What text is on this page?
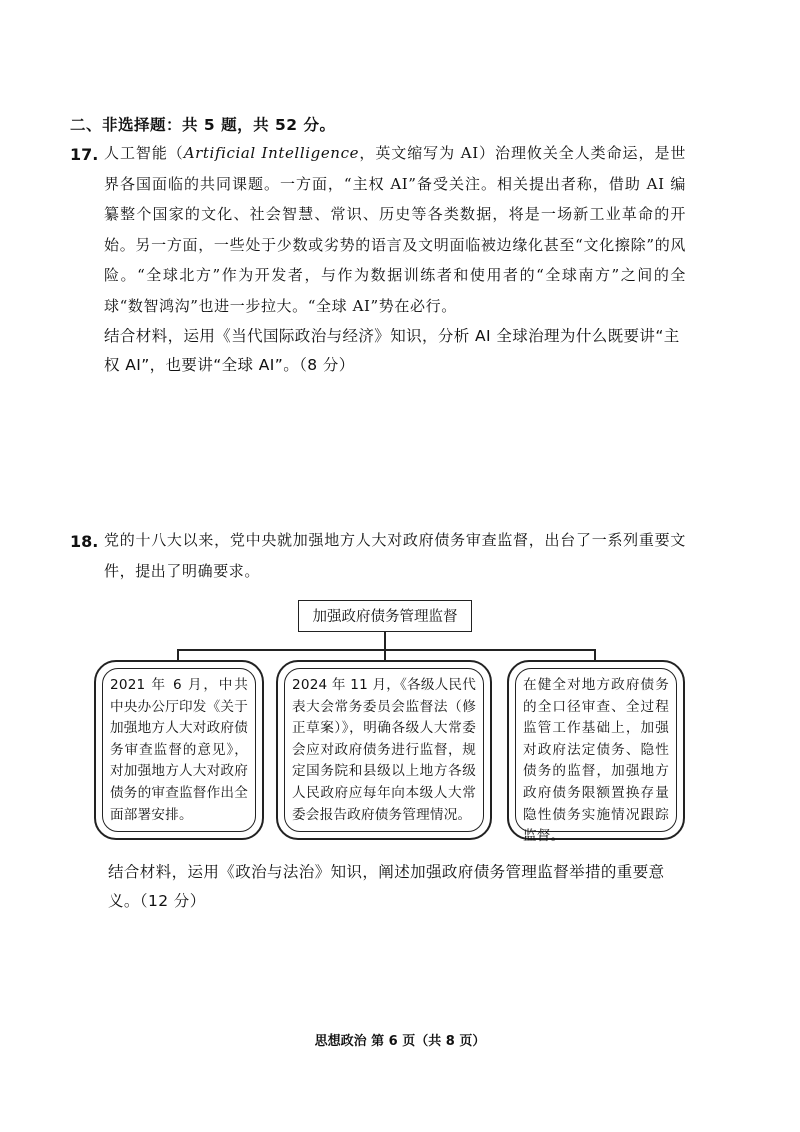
二、非选择题：共 5 题，共 52 分。
17. 人工智能（Artificial Intelligence，英文缩写为 AI）治理攸关全人类命运，是世界各国面临的共同课题。一方面，“主权 AI”备受关注。相关提出者称，借助 AI 编纂整个国家的文化、社会智慧、常识、历史等各类数据，将是一场新工业革命的开始。另一方面，一些处于少数或劣势的语言及文明面临被边缘化甚至“文化擦除”的风险。“全球北方”作为开发者，与作为数据训练者和使用者的“全球南方”之间的全球“数智鸿沟”也进一步拉大。“全球 AI”势在必行。
结合材料，运用《当代国际政治与经济》知识，分析 AI 全球治理为什么既要讲“主权 AI”，也要讲“全球 AI”。（8 分）
18. 党的十八大以来，党中央就加强地方人大对政府债务审查监督，出台了一系列重要文件，提出了明确要求。
加强政府债务管理监督
2021 年 6 月，中共中央办公厅印发《关于加强地方人大对政府债务审查监督的意见》，对加强地方人大对政府债务的审查监督作出全面部署安排。
2024 年 11 月，《各级人民代表大会常务委员会监督法（修正草案）》，明确各级人大常委会应对政府债务进行监督，规定国务院和县级以上地方各级人民政府应每年向本级人大常委会报告政府债务管理情况。
在健全对地方政府债务的全口径审查、全过程监管工作基础上，加强对政府法定债务、隐性债务的监督，加强地方政府债务限额置换存量隐性债务实施情况跟踪监督。
结合材料，运用《政治与法治》知识，阐述加强政府债务管理监督举措的重要意义。（12 分）
思想政治 第 6 页（共 8 页）
